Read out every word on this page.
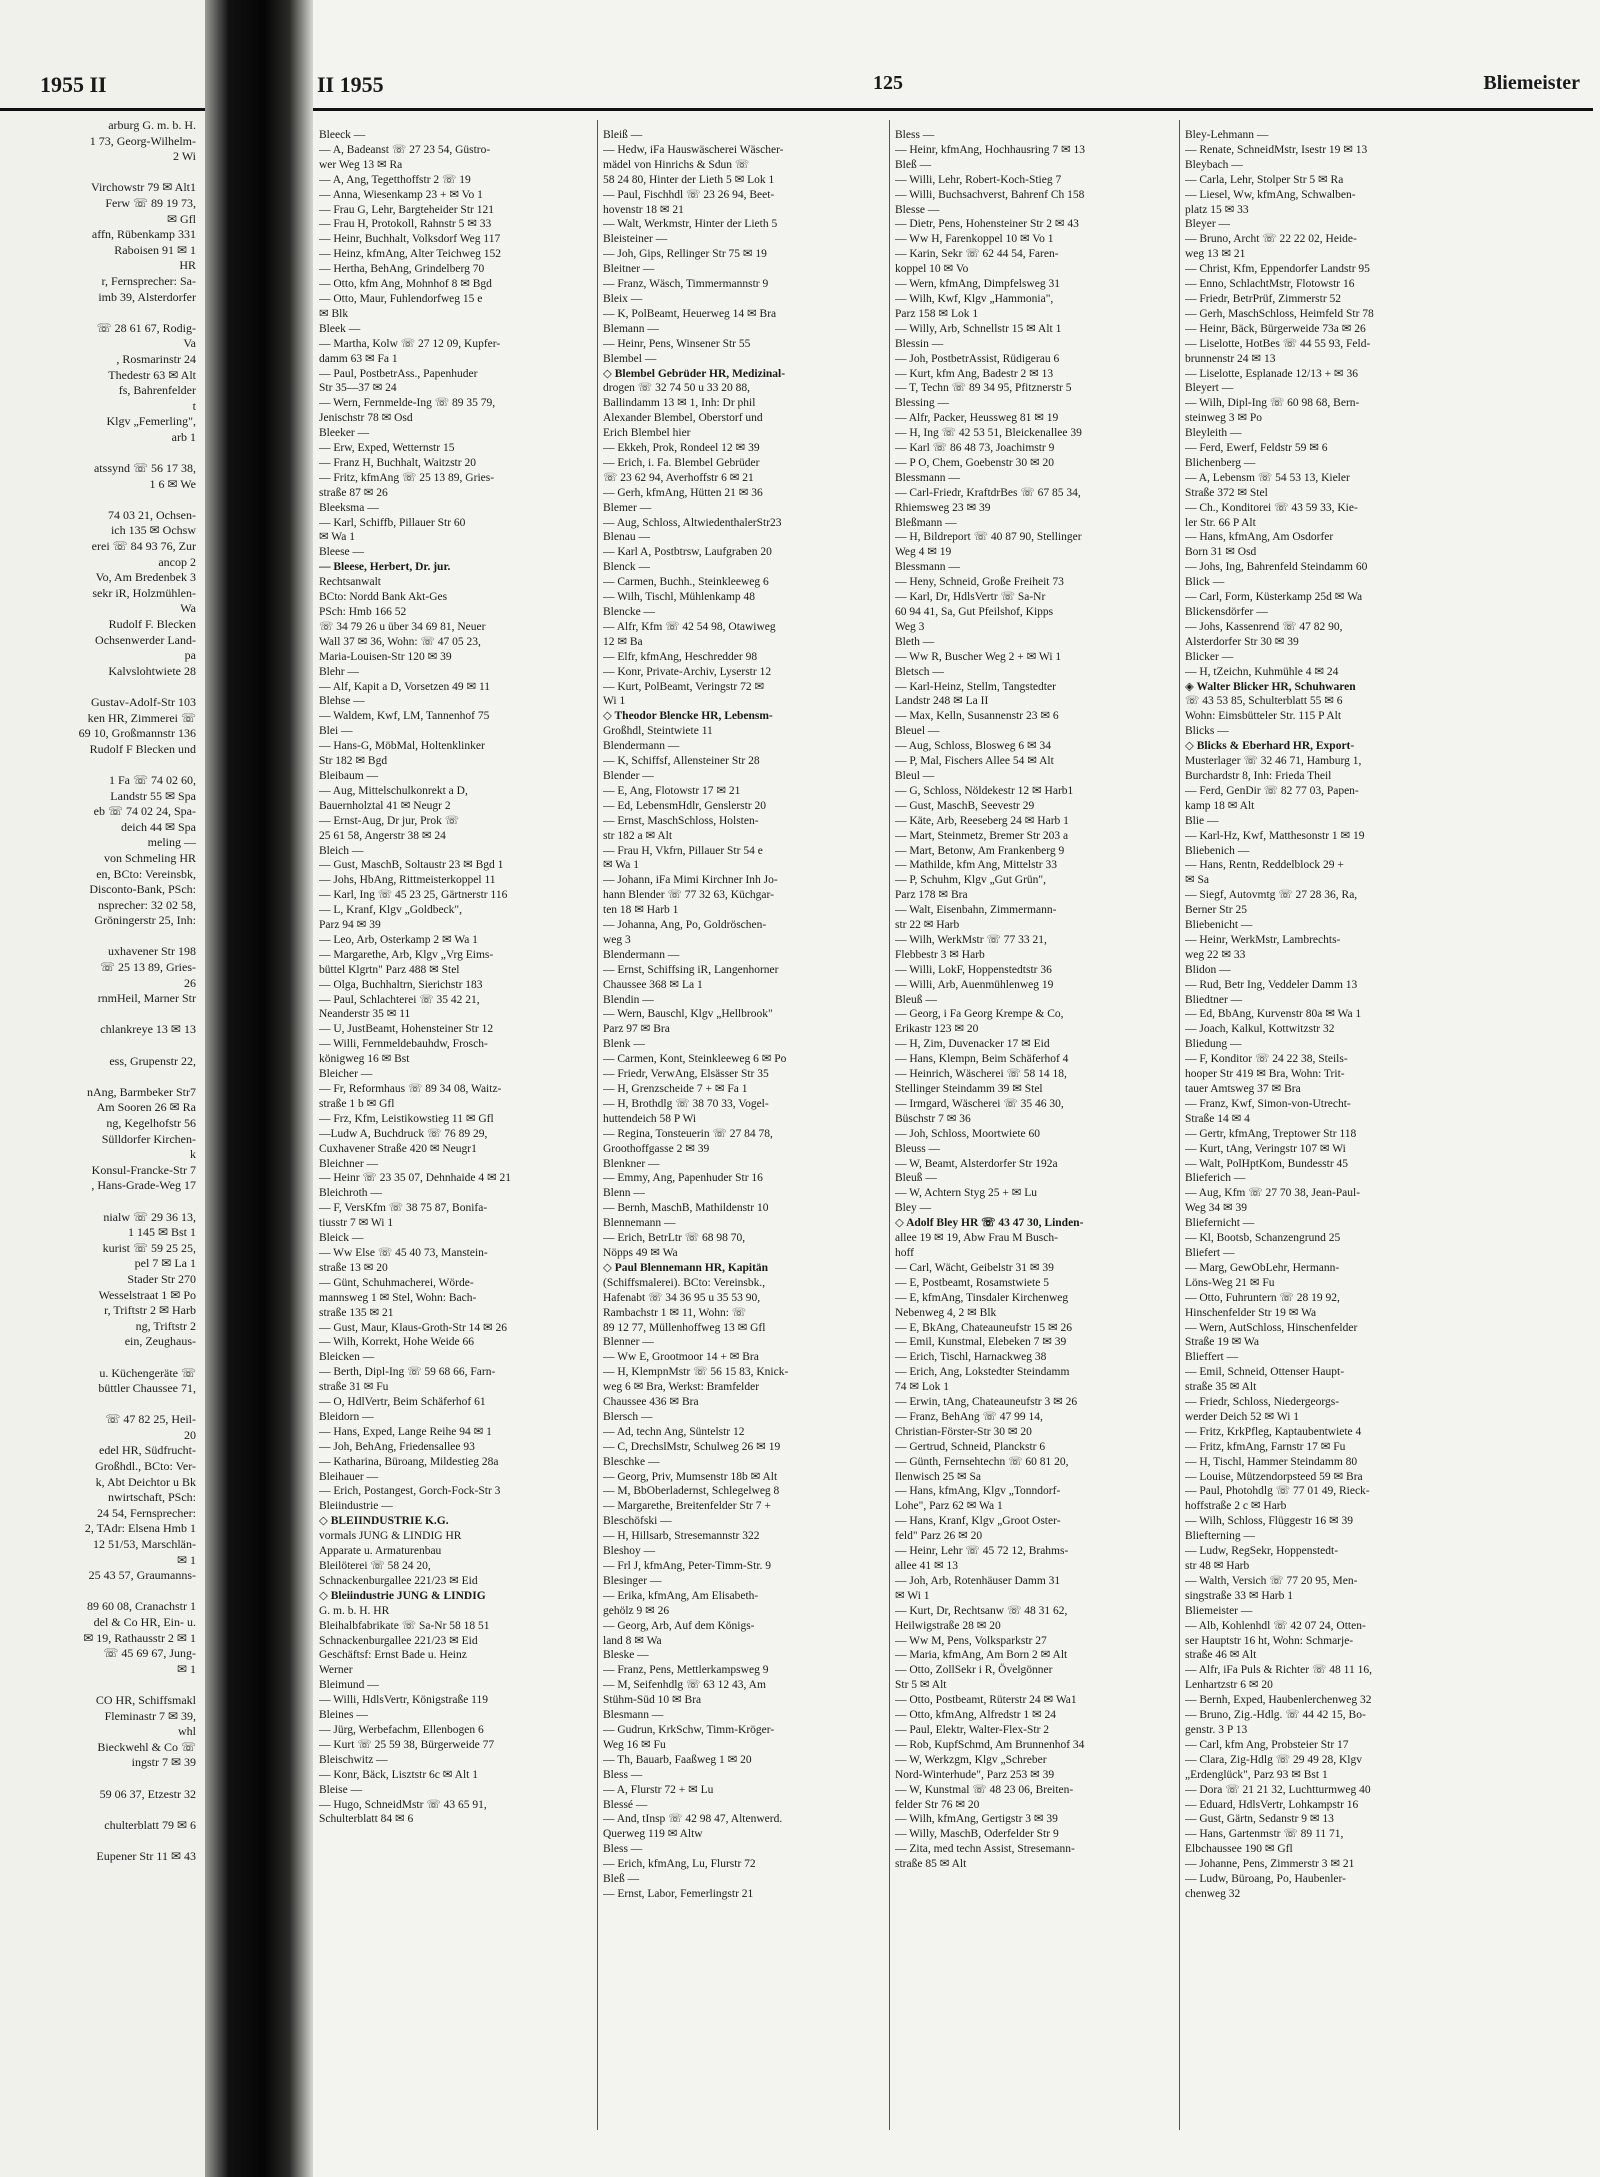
1955 II
arburg G. m. b. H.
1 73, Georg-Wilhelm-
2 Wi

Virchowstr 79 ✉ Alt1
Ferw ☏ 89 19 73,
✉ Gfl
affn, Rübenkamp 331
Raboisen 91 ✉ 1
HR
r, Fernsprecher: Sa-
imb 39, Alsterdorfer

☏ 28 61 67, Rodig-
Va
, Rosmarinstr 24
Thedestr 63 ✉ Alt
fs, Bahrenfelder
t
Klgv „Femerling",
arb 1

atssynd ☏ 56 17 38,
1 6 ✉ We

74 03 21, Ochsen-
ich 135 ✉ Ochsw
erei ☏ 84 93 76, Zur
ancop 2
Vo, Am Bredenbek 3
sekr iR, Holzmühlen-
Wa
Rudolf F. Blecken
Ochsenwerder Land-
pa
Kalvslohtwiete 28

Gustav-Adolf-Str 103
ken HR, Zimmerei ☏
69 10, Großmannstr 136
Rudolf F Blecken und

1 Fa ☏ 74 02 60,
Landstr 55 ✉ Spa
eb ☏ 74 02 24, Spa-
deich 44 ✉ Spa
meling —
von Schmeling HR
en, BCto: Vereinsbk,
Disconto-Bank, PSch:
nsprecher: 32 02 58,
Gröningerstr 25, Inh:

uxhavener Str 198
☏ 25 13 89, Gries-
26
rnmHeil, Marner Str

chlankreye 13 ✉ 13

ess, Grupenstr 22,

nAng, Barmbeker Str7
Am Sooren 26 ✉ Ra
ng, Kegelhofstr 56
Sülldorfer Kirchen-
k
Konsul-Francke-Str 7
, Hans-Grade-Weg 17

nialw ☏ 29 36 13,
1 145 ✉ Bst 1
kurist ☏ 59 25 25,
pel 7 ✉ La 1
Stader Str 270
Wesselstraat 1 ✉ Po
r, Triftstr 2 ✉ Harb
ng, Triftstr 2
ein, Zeughaus-

u. Küchengeräte ☏
büttler Chaussee 71,

☏ 47 82 25, Heil-
20
edel HR, Südfrucht-
Großhdl., BCto: Ver-
k, Abt Deichtor u Bk
nwirtschaft, PSch:
24 54, Fernsprecher:
2, TAdr: Elsena Hmb 1
12 51/53, Marschlän-
✉ 1
25 43 57, Graumanns-

89 60 08, Cranachstr 1
del & Co HR, Ein- u.
✉ 19, Rathausstr 2 ✉ 1
☏ 45 69 67, Jung-
✉ 1

CO HR, Schiffsmakl
Fleminastr 7 ✉ 39,
whl
Bieckwehl & Co ☏
ingstr 7 ✉ 39

59 06 37, Etzestr 32

chulterblatt 79 ✉ 6

Eupener Str 11 ✉ 43
II 1955	125	Bliemeister
Bleeck —
— A, Badeanst ☏ 27 23 54, Güstro-
wer Weg 13 ✉ Ra
— A, Ang, Tegetthoffstr 2 ☏ 19
— Anna, Wiesenkamp 23 + ✉ Vo 1
— Frau G, Lehr, Bargteheider Str 121
— Frau H, Protokoll, Rahnstr 5 ✉ 33
— Heinr, Buchhalt, Volksdorf Weg 117
— Heinz, kfmAng, Alter Teichweg 152
— Hertha, BehAng, Grindelberg 70
— Otto, kfm Ang, Mohnhof 8 ✉ Bgd
— Otto, Maur, Fuhlendorfweg 15 e
✉ Blk
Bleek —
— Martha, Kolw ☏ 27 12 09, Kupfer-
damm 63 ✉ Fa 1
— Paul, PostbetrAss., Papenhuder
Str 35—37 ✉ 24
— Wern, Fernmelde-Ing ☏ 89 35 79,
Jenischstr 78 ✉ Osd
Bleeker —
— Erw, Exped, Wetternstr 15
— Franz H, Buchhalt, Waitzstr 20
— Fritz, kfmAng ☏ 25 13 89, Gries-
straße 87 ✉ 26
Bleeksma —
— Karl, Schiffb, Pillauer Str 60
✉ Wa 1
Bleese —
— Bleese, Herbert, Dr. jur.
Rechtsanwalt
BCto: Nordd Bank Akt-Ges
PSch: Hmb 166 52
☏ 34 79 26 u über 34 69 81, Neuer
Wall 37 ✉ 36, Wohn: ☏ 47 05 23,
Maria-Louisen-Str 120 ✉ 39
Blehr —
— Alf, Kapit a D, Vorsetzen 49 ✉ 11
Blehse —
— Waldem, Kwf, LM, Tannenhof 75
Blei —
— Hans-G, MöbMal, Holtenklinker
Str 182 ✉ Bgd
Bleibaum —
— Aug, Mittelschulkonrekt a D,
Bauernholztal 41 ✉ Neugr 2
— Ernst-Aug, Dr jur, Prok ☏
25 61 58, Angerstr 38 ✉ 24
Bleich —
— Gust, MaschB, Soltaustr 23 ✉ Bgd 1
— Johs, HbAng, Rittmeisterkoppel 11
— Karl, Ing ☏ 45 23 25, Gärtnerstr 116
— L, Kranf, Klgv „Goldbeck",
Parz 94 ✉ 39
— Leo, Arb, Osterkamp 2 ✉ Wa 1
— Margarethe, Arb, Klgv „Vrg Eims-
büttel Klgrtn" Parz 488 ✉ Stel
— Olga, Buchhaltrn, Sierichstr 183
— Paul, Schlachterei ☏ 35 42 21,
Neanderstr 35 ✉ 11
— U, JustBeamt, Hohensteiner Str 12
— Willi, Fernmeldebauhdw, Frosch-
königweg 16 ✉ Bst
Bleicher —
— Fr, Reformhaus ☏ 89 34 08, Waitz-
straße 1 b ✉ Gfl
— Frz, Kfm, Leistikowstieg 11 ✉ Gfl
—Ludw A, Buchdruck ☏ 76 89 29,
Cuxhavener Straße 420 ✉ Neugr1
Bleichner —
— Heinr ☏ 23 35 07, Dehnhaide 4 ✉ 21
Bleichroth —
— F, VersKfm ☏ 38 75 87, Bonifa-
tiusstr 7 ✉ Wi 1
Bleick —
— Ww Else ☏ 45 40 73, Manstein-
straße 13 ✉ 20
— Günt, Schuhmacherei, Wörde-
mannsweg 1 ✉ Stel, Wohn: Bach-
straße 135 ✉ 21
— Gust, Maur, Klaus-Groth-Str 14 ✉ 26
— Wilh, Korrekt, Hohe Weide 66
Bleicken —
— Berth, Dipl-Ing ☏ 59 68 66, Farn-
straße 31 ✉ Fu
— O, HdlVertr, Beim Schäferhof 61
Bleidorn —
— Hans, Exped, Lange Reihe 94 ✉ 1
— Joh, BehAng, Friedensallee 93
— Katharina, Büroang, Mildestieg 28a
Bleihauer —
— Erich, Postangest, Gorch-Fock-Str 3
Bleiindustrie —
◇ BLEIINDUSTRIE K.G.
vormals JUNG & LINDIG HR
Apparate u. Armaturenbau
Bleilöterei ☏ 58 24 20,
Schnackenburgallee 221/23 ✉ Eid
◇ Bleiindustrie JUNG & LINDIG
G. m. b. H. HR
Bleihalbfabrikate ☏ Sa-Nr 58 18 51
Schnackenburgallee 221/23 ✉ Eid
Geschäftsf: Ernst Bade u. Heinz
Werner
Bleimund —
— Willi, HdlsVertr, Königstraße 119
Bleines —
— Jürg, Werbefachm, Ellenbogen 6
— Kurt ☏ 25 59 38, Bürgerweide 77
Bleischwitz —
— Konr, Bäck, Lisztstr 6c ✉ Alt 1
Bleise —
— Hugo, SchneidMstr ☏ 43 65 91,
Schulterblatt 84 ✉ 6
Bleiß —
— Hedw, iFa Hauswäscherei Wäscher-
mädel von Hinrichs & Sdun ☏
58 24 80, Hinter der Lieth 5 ✉ Lok 1
— Paul, Fischhdl ☏ 23 26 94, Beet-
hovenstr 18 ✉ 21
— Walt, Werkmstr, Hinter der Lieth 5
Bleisteiner —
— Joh, Gips, Rellinger Str 75 ✉ 19
Bleitner —
— Franz, Wäsch, Timmermannstr 9
Bleix —
— K, PolBeamt, Heuerweg 14 ✉ Bra
Blemann —
— Heinr, Pens, Winsener Str 55
Blembel —
◇ Blembel Gebrüder HR, Medizinal-
drogen ☏ 32 74 50 u 33 20 88,
Ballindamm 13 ✉ 1, Inh: Dr phil
Alexander Blembel, Oberstorf und
Erich Blembel hier
— Ekkeh, Prok, Rondeel 12 ✉ 39
— Erich, i. Fa. Blembel Gebrüder
☏ 23 62 94, Averhoffstr 6 ✉ 21
— Gerh, kfmAng, Hütten 21 ✉ 36
Blemer —
— Aug, Schloss, AltwiedenthalerStr23
Blenau —
— Karl A, Postbtrsw, Laufgraben 20
Blenck —
— Carmen, Buchh., Steinkleeweg 6
— Wilh, Tischl, Mühlenkamp 48
Blencke —
— Alfr, Kfm ☏ 42 54 98, Otawiweg
12 ✉ Ba
— Elfr, kfmAng, Heschredder 98
— Konr, Private-Archiv, Lyserstr 12
— Kurt, PolBeamt, Veringstr 72 ✉
Wi 1
◇ Theodor Blencke HR, Lebensm-
Großhdl, Steintwiete 11
Blendermann —
— K, Schiffsf, Allensteiner Str 28
Blender —
— E, Ang, Flotowstr 17 ✉ 21
— Ed, LebensmHdlr, Genslerstr 20
— Ernst, MaschSchloss, Holsten-
str 182 a ✉ Alt
— Frau H, Vkfrn, Pillauer Str 54 e
✉ Wa 1
— Johann, iFa Mimi Kirchner Inh Jo-
hann Blender ☏ 77 32 63, Küchgar-
ten 18 ✉ Harb 1
— Johanna, Ang, Po, Goldröschen-
weg 3
Blendermann —
— Ernst, Schiffsing iR, Langenhorner
Chaussee 368 ✉ La 1
Blendin —
— Wern, Bauschl, Klgv „Hellbrook"
Parz 97 ✉ Bra
Blenk —
— Carmen, Kont, Steinkleeweg 6 ✉ Po
— Friedr, VerwAng, Elsässer Str 35
— H, Grenzscheide 7 + ✉ Fa 1
— H, Brothdlg ☏ 38 70 33, Vogel-
huttendeich 58 P Wi
— Regina, Tonsteuerin ☏ 27 84 78,
Groothoffgasse 2 ✉ 39
Blenkner —
— Emmy, Ang, Papenhuder Str 16
Blenn —
— Bernh, MaschB, Mathildenstr 10
Blennemann —
— Erich, BetrLtr ☏ 68 98 70,
Nöpps 49 ✉ Wa
◇ Paul Blennemann HR, Kapitän
(Schiffsmalerei). BCto: Vereinsbk.,
Hafenabt ☏ 34 36 95 u 35 53 90,
Rambachstr 1 ✉ 11, Wohn: ☏
89 12 77, Müllenhoffweg 13 ✉ Gfl
Blenner —
— Ww E, Grootmoor 14 + ✉ Bra
— H, KlempnMstr ☏ 56 15 83, Knick-
weg 6 ✉ Bra, Werkst: Bramfelder
Chaussee 436 ✉ Bra
Blersch —
— Ad, techn Ang, Süntelstr 12
— C, DrechslMstr, Schulweg 26 ✉ 19
Bleschke —
— Georg, Priv, Mumsenstr 18b ✉ Alt
— M, BbOberladernst, Schlegelweg 8
— Margarethe, Breitenfelder Str 7 +
Bleschöfski —
— H, Hillsarb, Stresemannstr 322
Bleshoy —
— Frl J, kfmAng, Peter-Timm-Str. 9
Blesinger —
— Erika, kfmAng, Am Elisabeth-
gehölz 9 ✉ 26
— Georg, Arb, Auf dem Königs-
land 8 ✉ Wa
Bleske —
— Franz, Pens, Mettlerkampsweg 9
— M, Seifenhdlg ☏ 63 12 43, Am
Stühm-Süd 10 ✉ Bra
Blesmann —
— Gudrun, KrkSchw, Timm-Kröger-
Weg 16 ✉ Fu
— Th, Bauarb, Faaßweg 1 ✉ 20
Bless —
— A, Flurstr 72 + ✉ Lu
Blessé —
— And, tInsp ☏ 42 98 47, Altenwerd.
Querweg 119 ✉ Altw
Bless —
— Erich, kfmAng, Lu, Flurstr 72
Bleß —
— Ernst, Labor, Femerlingstr 21
Bless —
— Heinr, kfmAng, Hochhausring 7 ✉ 13
Bleß —
— Willi, Lehr, Robert-Koch-Stieg 7
— Willi, Buchsachverst, Bahrenf Ch 158
Blesse —
— Dietr, Pens, Hohensteiner Str 2 ✉ 43
— Ww H, Farenkoppel 10 ✉ Vo 1
— Karin, Sekr ☏ 62 44 54, Faren-
koppel 10 ✉ Vo
— Wern, kfmAng, Dimpfelsweg 31
— Wilh, Kwf, Klgv „Hammonia",
Parz 158 ✉ Lok 1
— Willy, Arb, Schnellstr 15 ✉ Alt 1
Blessin —
— Joh, PostbetrAssist, Rüdigerau 6
— Kurt, kfm Ang, Badestr 2 ✉ 13
— T, Techn ☏ 89 34 95, Pfitznerstr 5
Blessing —
— Alfr, Packer, Heussweg 81 ✉ 19
— H, Ing ☏ 42 53 51, Bleickenallee 39
— Karl ☏ 86 48 73, Joachimstr 9
— P O, Chem, Goebenstr 30 ✉ 20
Blessmann —
— Carl-Friedr, KraftdrBes ☏ 67 85 34,
Rhiemsweg 23 ✉ 39
Bleßmann —
— H, Bildreport ☏ 40 87 90, Stellinger
Weg 4 ✉ 19
Blessmann —
— Heny, Schneid, Große Freiheit 73
— Karl, Dr, HdlsVertr ☏ Sa-Nr
60 94 41, Sa, Gut Pfeilshof, Kipps
Weg 3
Bleth —
— Ww R, Buscher Weg 2 + ✉ Wi 1
Bletsch —
— Karl-Heinz, Stellm, Tangstedter
Landstr 248 ✉ La II
— Max, Kelln, Susannenstr 23 ✉ 6
Bleuel —
— Aug, Schloss, Blosweg 6 ✉ 34
— P, Mal, Fischers Allee 54 ✉ Alt
Bleul —
— G, Schloss, Nöldekestr 12 ✉ Harb1
— Gust, MaschB, Seevestr 29
— Käte, Arb, Reeseberg 24 ✉ Harb 1
— Mart, Steinmetz, Bremer Str 203 a
— Mart, Betonw, Am Frankenberg 9
— Mathilde, kfm Ang, Mittelstr 33
— P, Schuhm, Klgv „Gut Grün",
Parz 178 ✉ Bra
— Walt, Eisenbahn, Zimmermann-
str 22 ✉ Harb
— Wilh, WerkMstr ☏ 77 33 21,
Flebbestr 3 ✉ Harb
— Willi, LokF, Hoppenstedtstr 36
— Willi, Arb, Auenmühlenweg 19
Bleuß —
— Georg, i Fa Georg Krempe & Co,
Erikastr 123 ✉ 20
— H, Zim, Duvenacker 17 ✉ Eid
— Hans, Klempn, Beim Schäferhof 4
— Heinrich, Wäscherei ☏ 58 14 18,
Stellinger Steindamm 39 ✉ Stel
— Irmgard, Wäscherei ☏ 35 46 30,
Büschstr 7 ✉ 36
— Joh, Schloss, Moortwiete 60
Bleuss —
— W, Beamt, Alsterdorfer Str 192a
Bleuß —
— W, Achtern Styg 25 + ✉ Lu
Bley —
◇ Adolf Bley HR ☏ 43 47 30, Linden-
allee 19 ✉ 19, Abw Frau M Busch-
hoff
— Carl, Wächt, Geibelstr 31 ✉ 39
— E, Postbeamt, Rosamstwiete 5
— E, kfmAng, Tinsdaler Kirchenweg
Nebenweg 4, 2 ✉ Blk
— E, BkAng, Chateauneufstr 15 ✉ 26
— Emil, Kunstmal, Elebeken 7 ✉ 39
— Erich, Tischl, Harnackweg 38
— Erich, Ang, Lokstedter Steindamm
74 ✉ Lok 1
— Erwin, tAng, Chateauneufstr 3 ✉ 26
— Franz, BehAng ☏ 47 99 14,
Christian-Förster-Str 30 ✉ 20
— Gertrud, Schneid, Planckstr 6
— Günth, Fernsehtechn ☏ 60 81 20,
Ilenwisch 25 ✉ Sa
— Hans, kfmAng, Klgv „Tonndorf-
Lohe", Parz 62 ✉ Wa 1
— Hans, Kranf, Klgv „Groot Oster-
feld" Parz 26 ✉ 20
— Heinr, Lehr ☏ 45 72 12, Brahms-
allee 41 ✉ 13
— Joh, Arb, Rotenhäuser Damm 31
✉ Wi 1
— Kurt, Dr, Rechtsanw ☏ 48 31 62,
Heilwigstraße 28 ✉ 20
— Ww M, Pens, Volksparkstr 27
— Maria, kfmAng, Am Born 2 ✉ Alt
— Otto, ZollSekr i R, Övelgönner
Str 5 ✉ Alt
— Otto, Postbeamt, Rüterstr 24 ✉ Wa1
— Otto, kfmAng, Alfredstr 1 ✉ 24
— Paul, Elektr, Walter-Flex-Str 2
— Rob, KupfSchmd, Am Brunnenhof 34
— W, Werkzgm, Klgv „Schreber
Nord-Winterhude", Parz 253 ✉ 39
— W, Kunstmal ☏ 48 23 06, Breiten-
felder Str 76 ✉ 20
— Wilh, kfmAng, Gertigstr 3 ✉ 39
— Willy, MaschB, Oderfelder Str 9
— Zita, med techn Assist, Stresemann-
straße 85 ✉ Alt
Bley-Lehmann —
— Renate, SchneidMstr, Isestr 19 ✉ 13
Bleybach —
— Carla, Lehr, Stolper Str 5 ✉ Ra
— Liesel, Ww, kfmAng, Schwalben-
platz 15 ✉ 33
Bleyer —
— Bruno, Archt ☏ 22 22 02, Heide-
weg 13 ✉ 21
— Christ, Kfm, Eppendorfer Landstr 95
— Enno, SchlachtMstr, Flotowstr 16
— Friedr, BetrPrüf, Zimmerstr 52
— Gerh, MaschSchloss, Heimfeld Str 78
— Heinr, Bäck, Bürgerweide 73a ✉ 26
— Liselotte, HotBes ☏ 44 55 93, Feld-
brunnenstr 24 ✉ 13
— Liselotte, Esplanade 12/13 + ✉ 36
Bleyert —
— Wilh, Dipl-Ing ☏ 60 98 68, Bern-
steinweg 3 ✉ Po
Bleyleith —
— Ferd, Ewerf, Feldstr 59 ✉ 6
Blichenberg —
— A, Lebensm ☏ 54 53 13, Kieler
Straße 372 ✉ Stel
— Ch., Konditorei ☏ 43 59 33, Kie-
ler Str. 66 P Alt
— Hans, kfmAng, Am Osdorfer
Born 31 ✉ Osd
— Johs, Ing, Bahrenfeld Steindamm 60
Blick —
— Carl, Form, Küsterkamp 25d ✉ Wa
Blickensdörfer —
— Johs, Kassenrend ☏ 47 82 90,
Alsterdorfer Str 30 ✉ 39
Blicker —
— H, tZeichn, Kuhmühle 4 ✉ 24
◈ Walter Blicker HR, Schuhwaren
☏ 43 53 85, Schulterblatt 55 ✉ 6
Wohn: Eimsbütteler Str. 115 P Alt
Blicks —
◇ Blicks & Eberhard HR, Export-
Musterlager ☏ 32 46 71, Hamburg 1,
Burchardstr 8, Inh: Frieda Theil
— Ferd, GenDir ☏ 82 77 03, Papen-
kamp 18 ✉ Alt
Blie —
— Karl-Hz, Kwf, Matthesonstr 1 ✉ 19
Bliebenich —
— Hans, Rentn, Reddelblock 29 +
✉ Sa
— Siegf, Autovmtg ☏ 27 28 36, Ra,
Berner Str 25
Bliebenicht —
— Heinr, WerkMstr, Lambrechts-
weg 22 ✉ 33
Blidon —
— Rud, Betr Ing, Veddeler Damm 13
Bliedtner —
— Ed, BbAng, Kurvenstr 80a ✉ Wa 1
— Joach, Kalkul, Kottwitzstr 32
Bliedung —
— F, Konditor ☏ 24 22 38, Steils-
hooper Str 419 ✉ Bra, Wohn: Trit-
tauer Amtsweg 37 ✉ Bra
— Franz, Kwf, Simon-von-Utrecht-
Straße 14 ✉ 4
— Gertr, kfmAng, Treptower Str 118
— Kurt, tAng, Veringstr 107 ✉ Wi
— Walt, PolHptKom, Bundesstr 45
Blieferich —
— Aug, Kfm ☏ 27 70 38, Jean-Paul-
Weg 34 ✉ 39
Bliefernicht —
— Kl, Bootsb, Schanzengrund 25
Bliefert —
— Marg, GewObLehr, Hermann-
Löns-Weg 21 ✉ Fu
— Otto, Fuhruntern ☏ 28 19 92,
Hinschenfelder Str 19 ✉ Wa
— Wern, AutSchloss, Hinschenfelder
Straße 19 ✉ Wa
Blieffert —
— Emil, Schneid, Ottenser Haupt-
straße 35 ✉ Alt
— Friedr, Schloss, Niedergeorgs-
werder Deich 52 ✉ Wi 1
— Fritz, KrkPfleg, Kaptaubentwiete 4
— Fritz, kfmAng, Farnstr 17 ✉ Fu
— H, Tischl, Hammer Steindamm 80
— Louise, Mützendorpsteed 59 ✉ Bra
— Paul, Photohdlg ☏ 77 01 49, Rieck-
hoffstraße 2 c ✉ Harb
— Wilh, Schloss, Flüggestr 16 ✉ 39
Bliefterning —
— Ludw, RegSekr, Hoppenstedt-
str 48 ✉ Harb
— Walth, Versich ☏ 77 20 95, Men-
singstraße 33 ✉ Harb 1
Bliemeister —
— Alb, Kohlenhdl ☏ 42 07 24, Otten-
ser Hauptstr 16 ht, Wohn: Schmarje-
straße 46 ✉ Alt
— Alfr, iFa Puls & Richter ☏ 48 11 16,
Lenhartzstr 6 ✉ 20
— Bernh, Exped, Haubenlerchenweg 32
— Bruno, Zig.-Hdlg. ☏ 44 42 15, Bo-
genstr. 3 P 13
— Carl, kfm Ang, Probsteier Str 17
— Clara, Zig-Hdlg ☏ 29 49 28, Klgv
„Erdenglück", Parz 93 ✉ Bst 1
— Dora ☏ 21 21 32, Luchtturmweg 40
— Eduard, HdlsVertr, Lohkampstr 16
— Gust, Gärtn, Sedanstr 9 ✉ 13
— Hans, Gartenmstr ☏ 89 11 71,
Elbchaussee 190 ✉ Gfl
— Johanne, Pens, Zimmerstr 3 ✉ 21
— Ludw, Büroang, Po, Haubenler-
chenweg 32
